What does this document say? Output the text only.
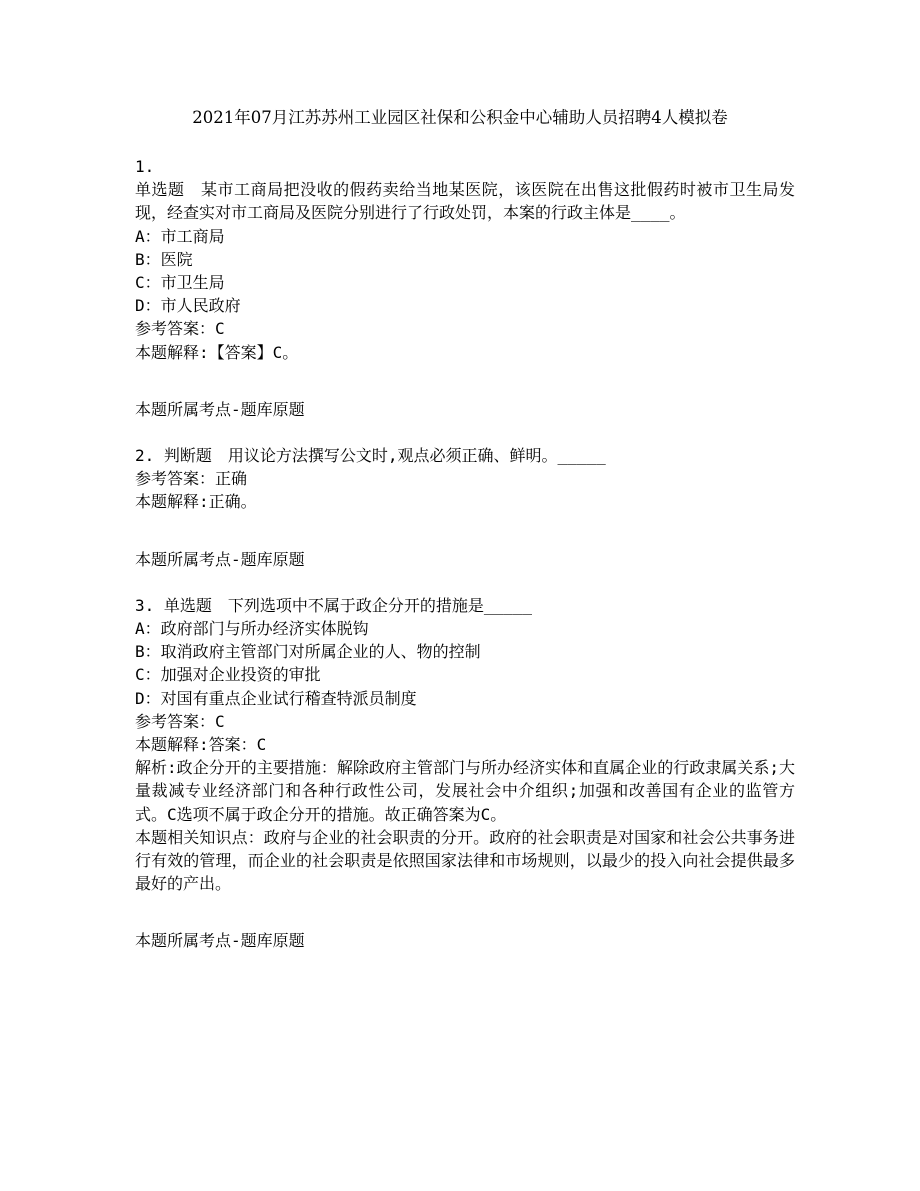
2021年07月江苏苏州工业园区社保和公积金中心辅助人员招聘4人模拟卷
1.
单选题　某市工商局把没收的假药卖给当地某医院，该医院在出售这批假药时被市卫生局发现，经查实对市工商局及医院分别进行了行政处罚，本案的行政主体是____。
A：市工商局
B：医院
C：市卫生局
D：市人民政府
参考答案：C
本题解释:【答案】C。
本题所属考点-题库原题
2. 判断题　用议论方法撰写公文时,观点必须正确、鲜明。_____
参考答案：正确
本题解释:正确。
本题所属考点-题库原题
3. 单选题　下列选项中不属于政企分开的措施是_____
A：政府部门与所办经济实体脱钩
B：取消政府主管部门对所属企业的人、物的控制
C：加强对企业投资的审批
D：对国有重点企业试行稽查特派员制度
参考答案：C
本题解释:答案：C
解析:政企分开的主要措施：解除政府主管部门与所办经济实体和直属企业的行政隶属关系;大量裁减专业经济部门和各种行政性公司，发展社会中介组织;加强和改善国有企业的监管方式。C选项不属于政企分开的措施。故正确答案为C。
本题相关知识点：政府与企业的社会职责的分开。政府的社会职责是对国家和社会公共事务进行有效的管理，而企业的社会职责是依照国家法律和市场规则，以最少的投入向社会提供最多最好的产出。
本题所属考点-题库原题
